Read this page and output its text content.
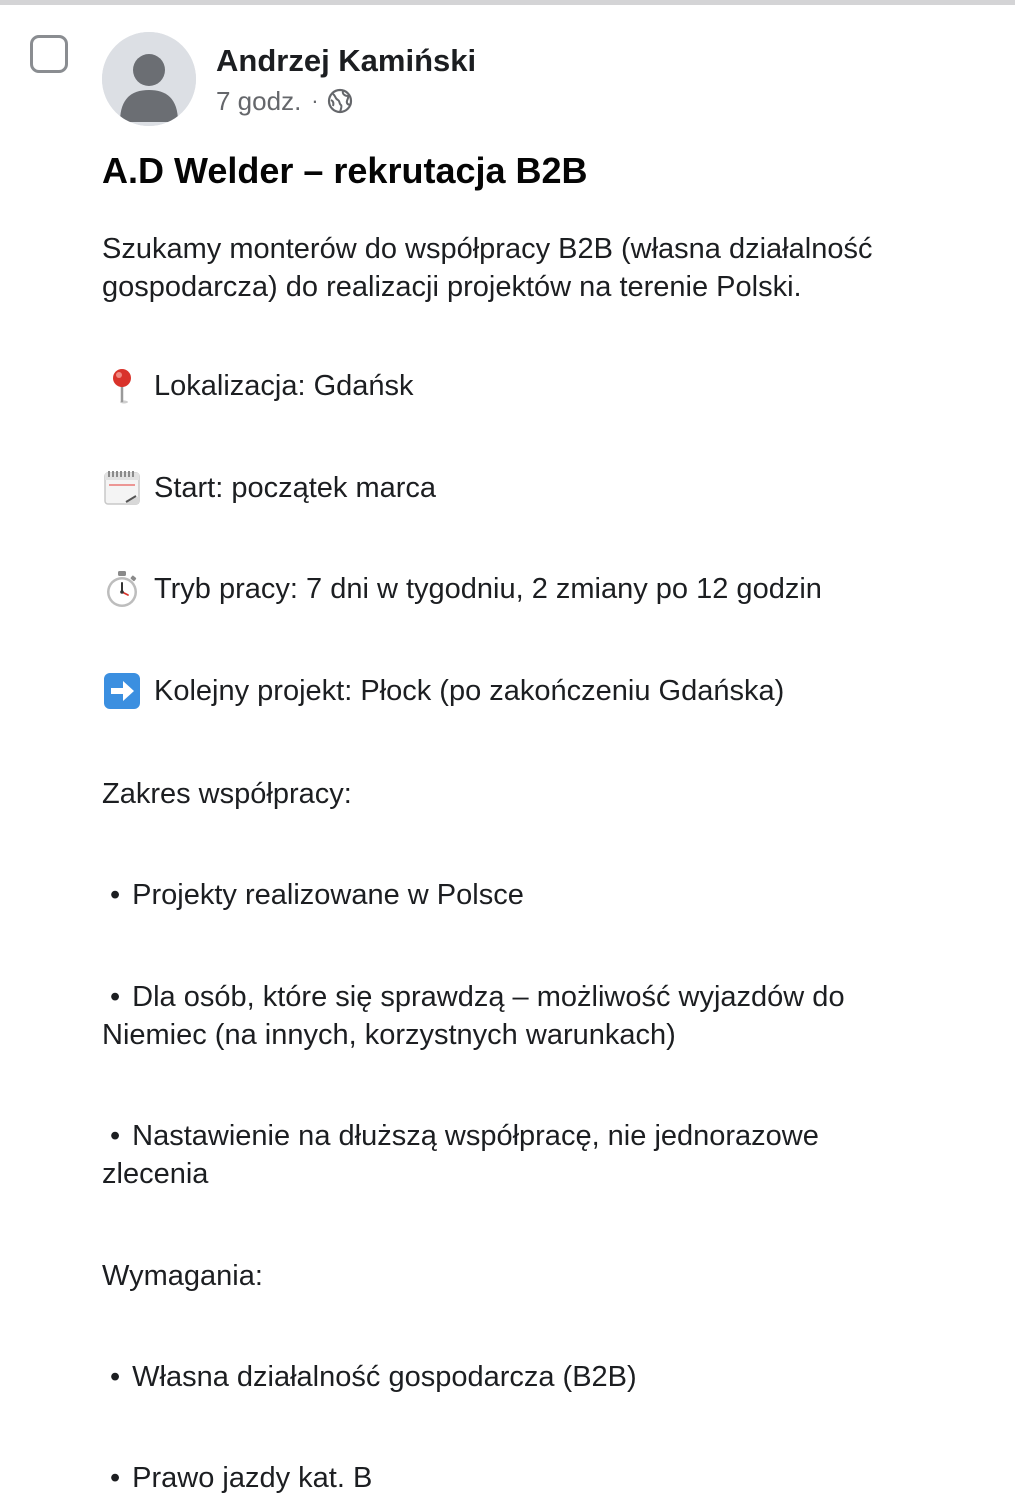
Andrzej Kamiński
7 godz. ·
A.D Welder – rekrutacja B2B
Szukamy monterów do współpracy B2B (własna działalność
gospodarcza) do realizacji projektów na terenie Polski.
Lokalizacja: Gdańsk
Start: początek marca
Tryb pracy: 7 dni w tygodniu, 2 zmiany po 12 godzin
Kolejny projekt: Płock (po zakończeniu Gdańska)
Zakres współpracy:
• Projekty realizowane w Polsce
• Dla osób, które się sprawdzą – możliwość wyjazdów do
Niemiec (na innych, korzystnych warunkach)
• Nastawienie na dłuższą współpracę, nie jednorazowe
zlecenia
Wymagania:
• Własna działalność gospodarcza (B2B)
• Prawo jazdy kat. B
